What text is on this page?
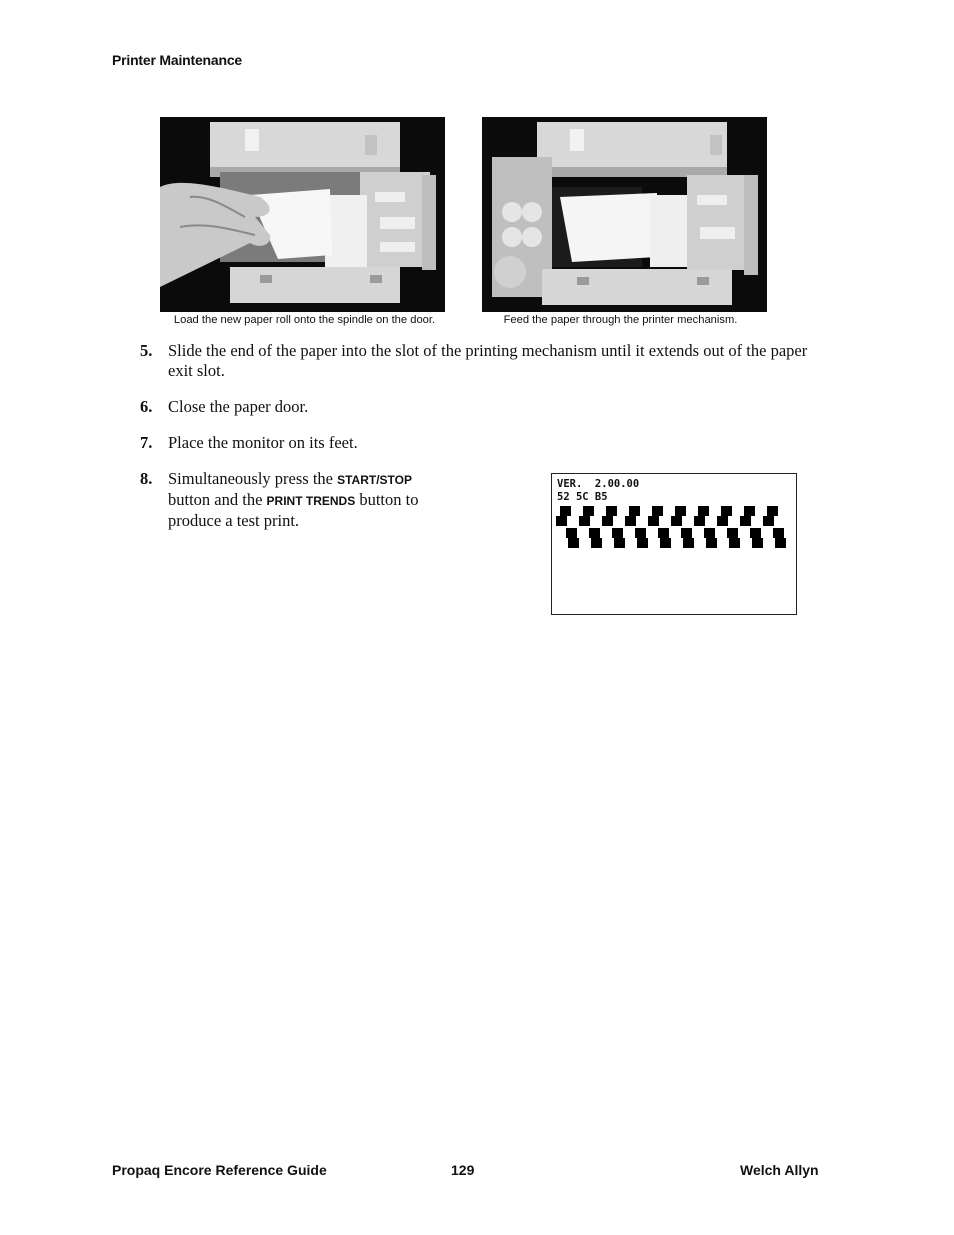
Printer Maintenance
Load the new paper roll onto the spindle on the door.	Feed the paper through the printer mechanism.
5. Slide the end of the paper into the slot of the printing mechanism until it extends out of the paper exit slot.
6. Close the paper door.
7. Place the monitor on its feet.
8. Simultaneously press the START/STOP
button and the PRINT TRENDS button to produce a test print.
VER.  2.00.00
52 5C B5
Propaq Encore Reference Guide	129	Welch Allyn
